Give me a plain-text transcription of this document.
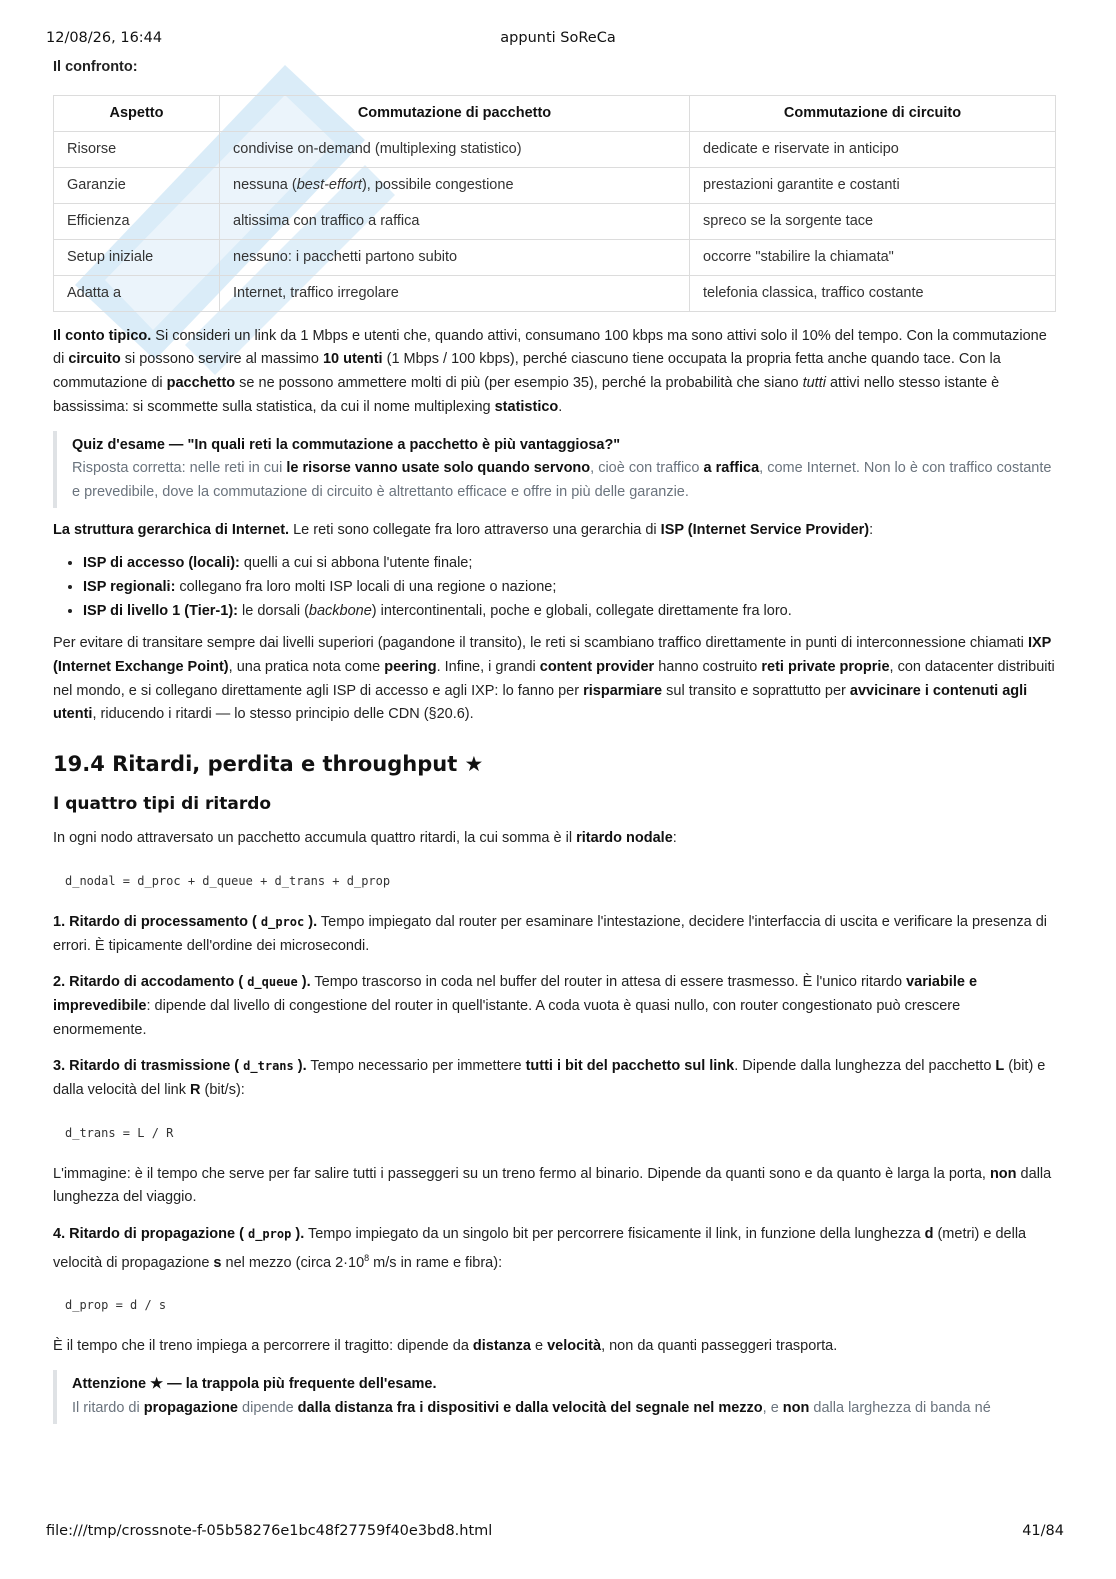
12/08/26, 16:44	appunti SoReCa

Il confronto:

Aspetto	Commutazione di pacchetto	Commutazione di circuito
Risorse	condivise on-demand (multiplexing statistico)	dedicate e riservate in anticipo
Garanzie	nessuna (best-effort), possibile congestione	prestazioni garantite e costanti
Efficienza	altissima con traffico a raffica	spreco se la sorgente tace
Setup iniziale	nessuno: i pacchetti partono subito	occorre "stabilire la chiamata"
Adatta a	Internet, traffico irregolare	telefonia classica, traffico costante

Il conto tipico. Si consideri un link da 1 Mbps e utenti che, quando attivi, consumano 100 kbps ma sono attivi solo il 10% del tempo. Con la commutazione di circuito si possono servire al massimo 10 utenti (1 Mbps / 100 kbps), perché ciascuno tiene occupata la propria fetta anche quando tace. Con la commutazione di pacchetto se ne possono ammettere molti di più (per esempio 35), perché la probabilità che siano tutti attivi nello stesso istante è bassissima: si scommette sulla statistica, da cui il nome multiplexing statistico.

Quiz d'esame — "In quali reti la commutazione a pacchetto è più vantaggiosa?"

Risposta corretta: nelle reti in cui le risorse vanno usate solo quando servono, cioè con traffico a raffica, come Internet. Non lo è con traffico costante e prevedibile, dove la commutazione di circuito è altrettanto efficace e offre in più delle garanzie.

La struttura gerarchica di Internet. Le reti sono collegate fra loro attraverso una gerarchia di ISP (Internet Service Provider):

• ISP di accesso (locali): quelli a cui si abbona l'utente finale;
• ISP regionali: collegano fra loro molti ISP locali di una regione o nazione;
• ISP di livello 1 (Tier-1): le dorsali (backbone) intercontinentali, poche e globali, collegate direttamente fra loro.

Per evitare di transitare sempre dai livelli superiori (pagandone il transito), le reti si scambiano traffico direttamente in punti di interconnessione chiamati IXP (Internet Exchange Point), una pratica nota come peering. Infine, i grandi content provider hanno costruito reti private proprie, con datacenter distribuiti nel mondo, e si collegano direttamente agli ISP di accesso e agli IXP: lo fanno per risparmiare sul transito e soprattutto per avvicinare i contenuti agli utenti, riducendo i ritardi — lo stesso principio delle CDN (§20.6).

19.4 Ritardi, perdita e throughput ★
I quattro tipi di ritardo

In ogni nodo attraversato un pacchetto accumula quattro ritardi, la cui somma è il ritardo nodale:

d_nodal = d_proc + d_queue + d_trans + d_prop

1. Ritardo di processamento ( d_proc ). Tempo impiegato dal router per esaminare l'intestazione, decidere l'interfaccia di uscita e verificare la presenza di errori. È tipicamente dell'ordine dei microsecondi.

2. Ritardo di accodamento ( d_queue ). Tempo trascorso in coda nel buffer del router in attesa di essere trasmesso. È l'unico ritardo variabile e imprevedibile: dipende dal livello di congestione del router in quell'istante. A coda vuota è quasi nullo, con router congestionato può crescere enormemente.

3. Ritardo di trasmissione ( d_trans ). Tempo necessario per immettere tutti i bit del pacchetto sul link. Dipende dalla lunghezza del pacchetto L (bit) e dalla velocità del link R (bit/s):

d_trans = L / R

L'immagine: è il tempo che serve per far salire tutti i passeggeri su un treno fermo al binario. Dipende da quanti sono e da quanto è larga la porta, non dalla lunghezza del viaggio.

4. Ritardo di propagazione ( d_prop ). Tempo impiegato da un singolo bit per percorrere fisicamente il link, in funzione della lunghezza d (metri) e della velocità di propagazione s nel mezzo (circa $2\cdot 10^8$ m/s in rame e fibra):

d_prop = d / s

È il tempo che il treno impiega a percorrere il tragitto: dipende da distanza e velocità, non da quanti passeggeri trasporta.

Attenzione ★ — la trappola più frequente dell'esame.

Il ritardo di propagazione dipende dalla distanza fra i dispositivi e dalla velocità del segnale nel mezzo, e non dalla larghezza di banda né

file:///tmp/crossnote-f-05b58276e1bc48f27759f40e3bd8.html	41/84
